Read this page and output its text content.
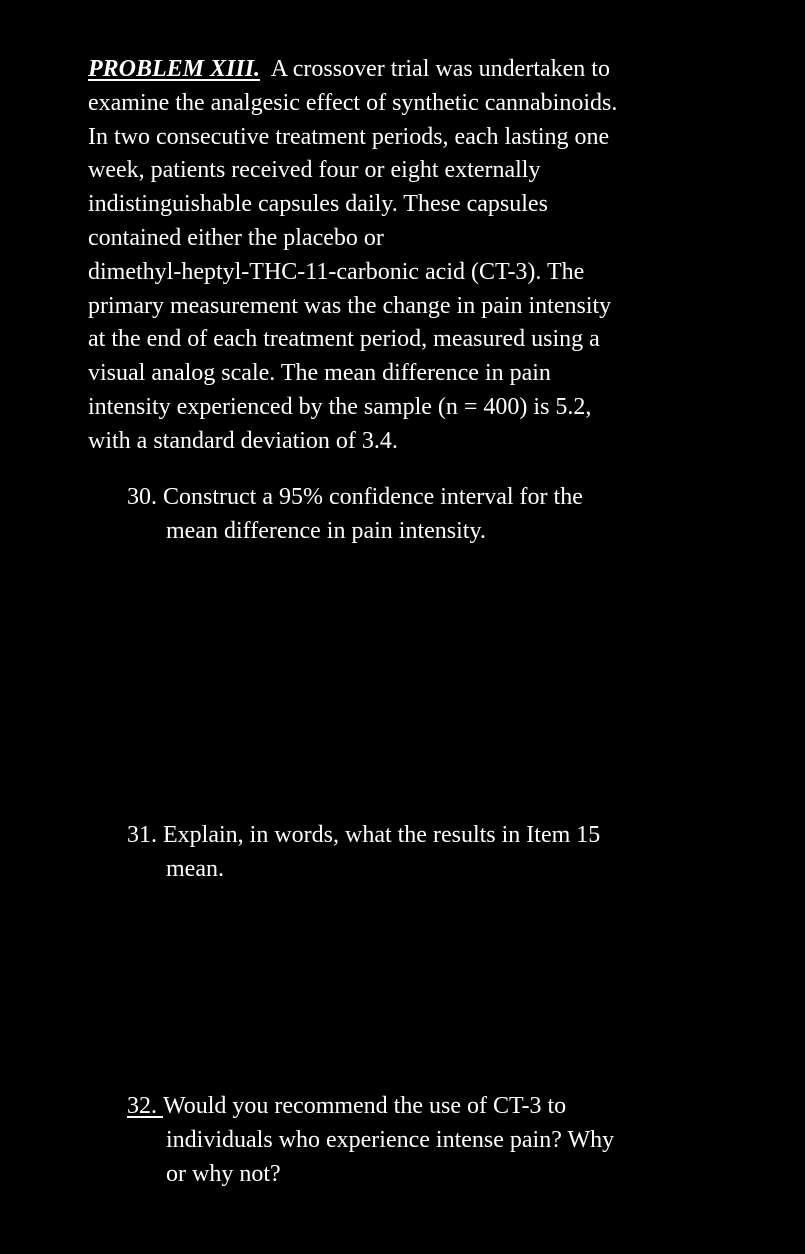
PROBLEM XIII. A crossover trial was undertaken to
examine the analgesic effect of synthetic cannabinoids.
In two consecutive treatment periods, each lasting one
week, patients received four or eight externally
indistinguishable capsules daily. These capsules
contained either the placebo or
dimethyl-heptyl-THC-11-carbonic acid (CT-3). The
primary measurement was the change in pain intensity
at the end of each treatment period, measured using a
visual analog scale. The mean difference in pain
intensity experienced by the sample (n = 400) is 5.2,
with a standard deviation of 3.4.
30. Construct a 95% confidence interval for the
mean difference in pain intensity.
31. Explain, in words, what the results in Item 15
mean.
32. Would you recommend the use of CT-3 to
individuals who experience intense pain? Why
or why not?
